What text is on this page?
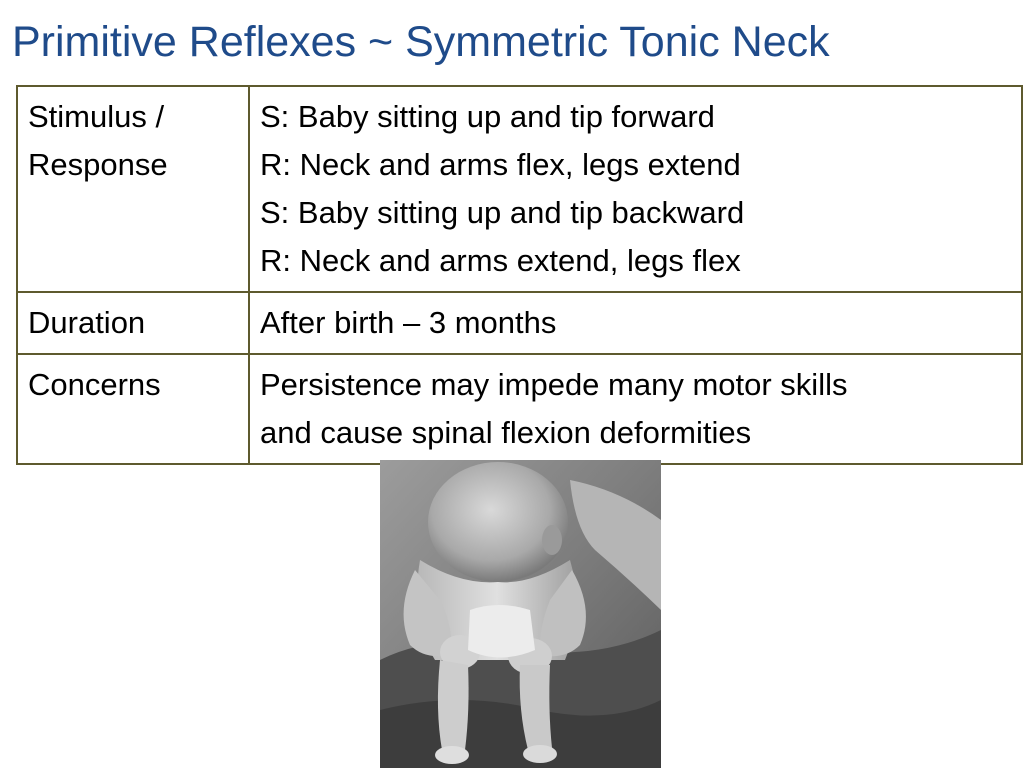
Primitive Reflexes ~ Symmetric Tonic Neck
Stimulus /
Response	S: Baby sitting up and tip forward
R: Neck and arms flex, legs extend
S: Baby sitting up and tip backward
R: Neck and arms extend, legs flex

Duration	After birth – 3 months

Concerns	Persistence may impede many motor skills
and cause spinal flexion deformities
